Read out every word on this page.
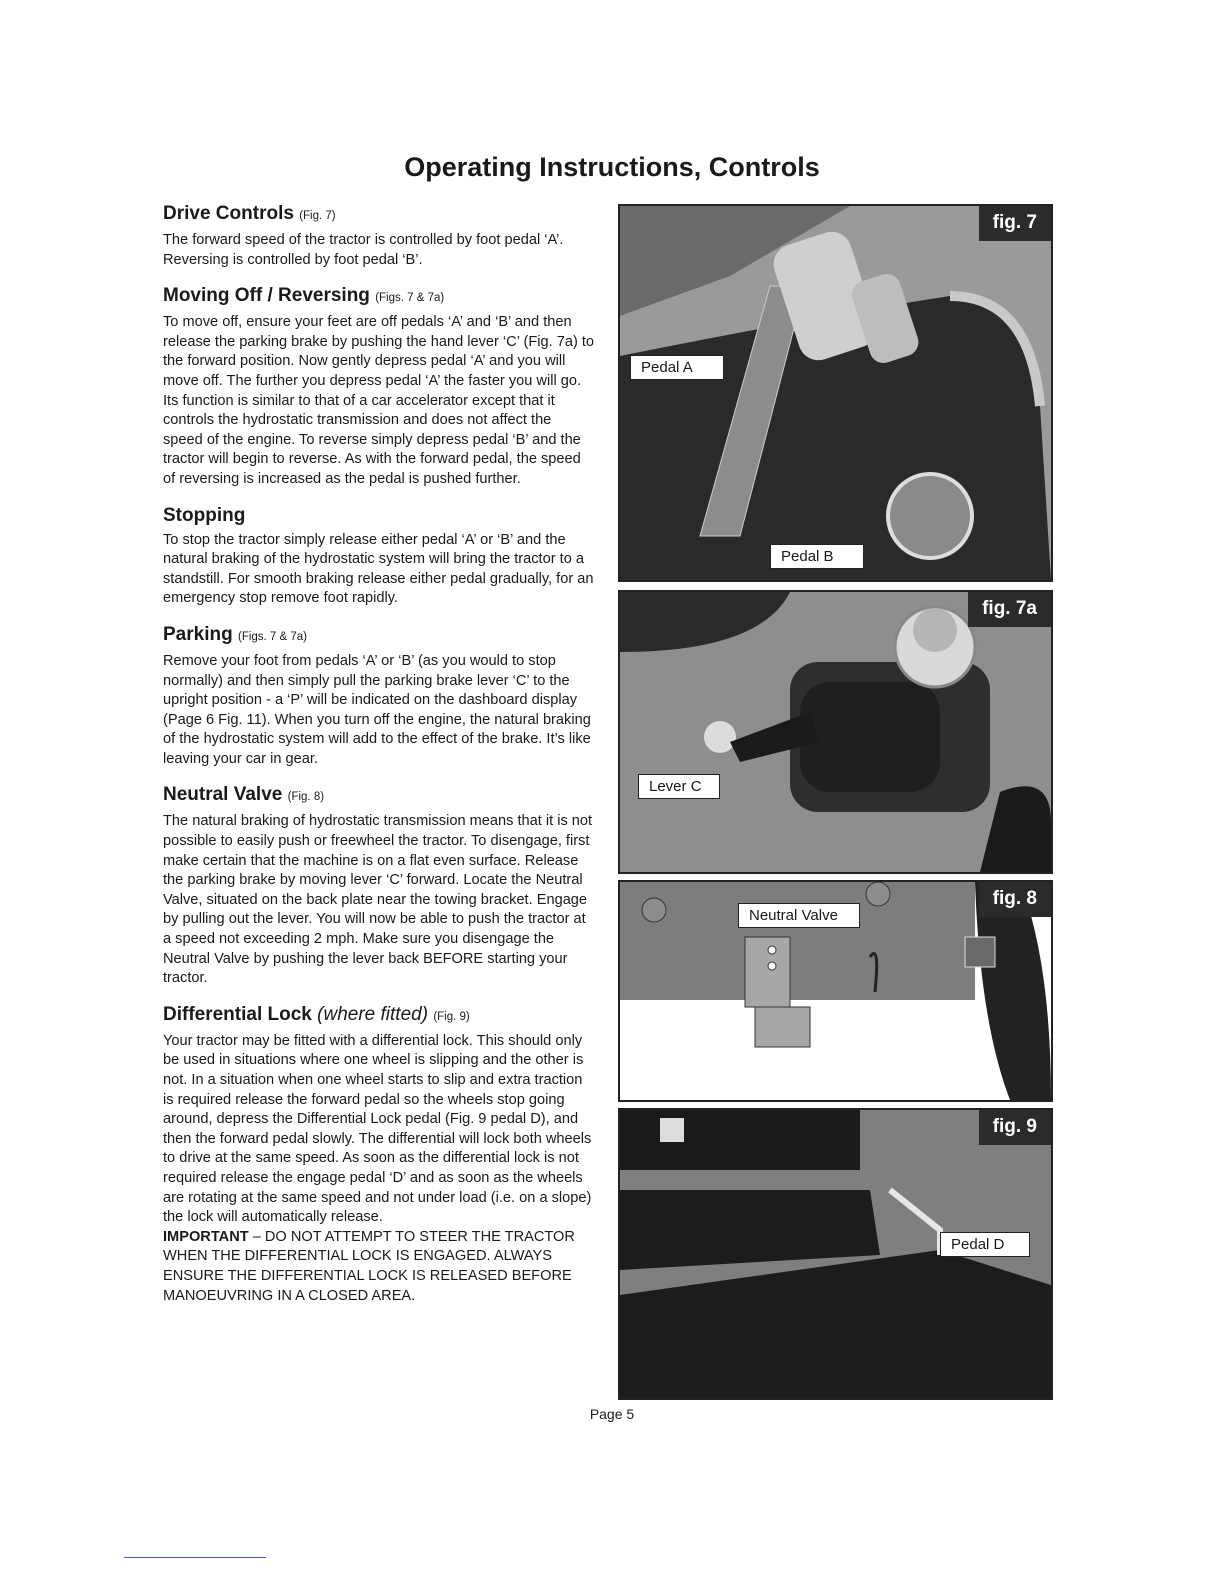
Operating Instructions, Controls
Drive Controls (Fig. 7)

The forward speed of the tractor is controlled by foot pedal ‘A’. Reversing is controlled by foot pedal ‘B’.

Moving Off / Reversing (Figs. 7 & 7a)

To move off, ensure your feet are off pedals ‘A’ and ‘B’ and then release the parking brake by pushing the hand lever ‘C’ (Fig. 7a) to the forward position. Now gently depress pedal ‘A’ and you will move off. The further you depress pedal ‘A’ the faster you will go. Its function is similar to that of a car accelerator except that it controls the hydrostatic transmission and does not affect the speed of the engine. To reverse simply depress pedal ‘B’ and the tractor will begin to reverse. As with the forward pedal, the speed of reversing is increased as the pedal is pushed further.

Stopping

To stop the tractor simply release either pedal ‘A’ or ‘B’ and the natural braking of the hydrostatic system will bring the tractor to a standstill. For smooth braking release either pedal gradually, for an emergency stop remove foot rapidly.

Parking (Figs. 7 & 7a)

Remove your foot from pedals ‘A’ or ‘B’ (as you would to stop normally) and then simply pull the parking brake lever ‘C’ to the upright position - a ‘P’ will be indicated on the dashboard display (Page 6 Fig. 11). When you turn off the engine, the natural braking of the hydrostatic system will add to the effect of the brake. It’s like leaving your car in gear.

Neutral Valve (Fig. 8)

The natural braking of hydrostatic transmission means that it is not possible to easily push or freewheel the tractor. To disengage, first make certain that the machine is on a flat even surface. Release the parking brake by moving lever ‘C’ forward. Locate the Neutral Valve, situated on the back plate near the towing bracket. Engage by pulling out the lever. You will now be able to push the tractor at a speed not exceeding 2 mph. Make sure you disengage the Neutral Valve by pushing the lever back BEFORE starting your tractor.

Differential Lock (where fitted) (Fig. 9)

Your tractor may be fitted with a differential lock. This should only be used in situations where one wheel is slipping and the other is not. In a situation when one wheel starts to slip and extra traction is required release the forward pedal so the wheels stop going around, depress the Differential Lock pedal (Fig. 9 pedal D), and then the forward pedal slowly. The differential will lock both wheels to drive at the same speed. As soon as the differential lock is not required release the engage pedal ‘D’ and as soon as the wheels are rotating at the same speed and not under load (i.e. on a slope) the lock will automatically release.

IMPORTANT – DO NOT ATTEMPT TO STEER THE TRACTOR WHEN THE DIFFERENTIAL LOCK IS ENGAGED. ALWAYS ENSURE THE DIFFERENTIAL LOCK IS RELEASED BEFORE MANOEUVRING IN A CLOSED AREA.

fig. 7
Pedal A
Pedal B
fig. 7a
Lever C
fig. 8
Neutral Valve
fig. 9
Pedal D
Page 5
